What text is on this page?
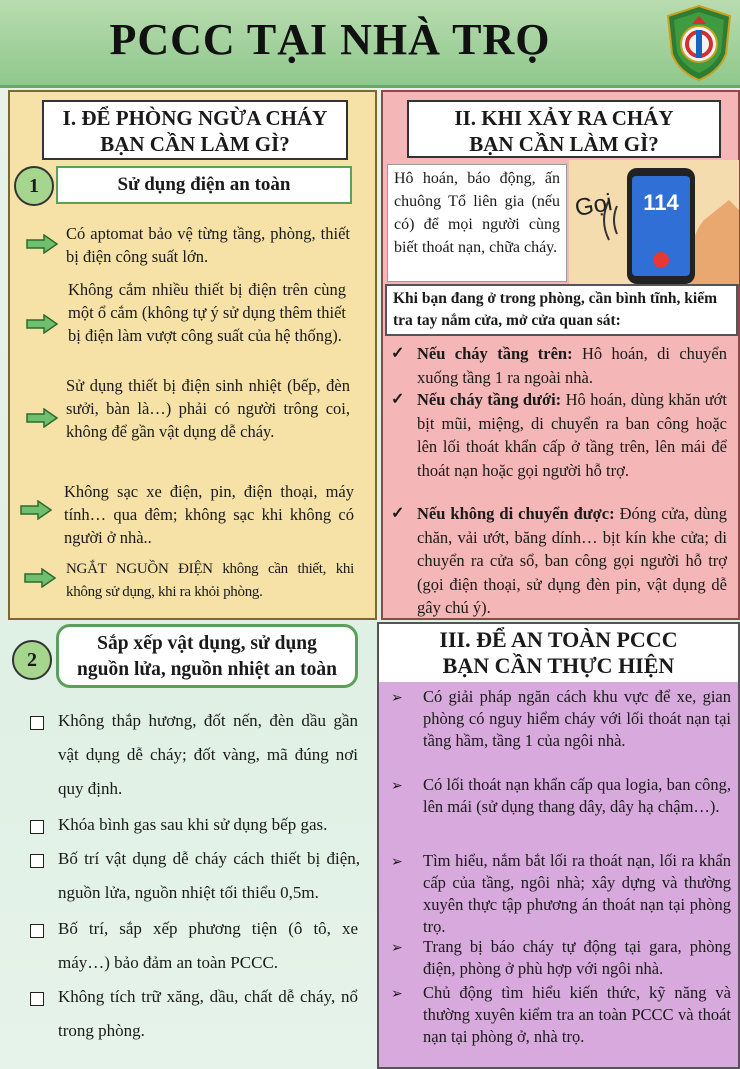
PCCC TẠI NHÀ TRỌ
I. ĐỂ PHÒNG NGỪA CHÁY
BẠN CẦN LÀM GÌ?
1	Sử dụng điện an toàn
Có aptomat bảo vệ từng tầng, phòng, thiết bị điện công suất lớn.
Không cắm nhiều thiết bị điện trên cùng một ổ cắm (không tự ý sử dụng thêm thiết bị điện làm vượt công suất của hệ thống).
Sử dụng thiết bị điện sinh nhiệt (bếp, đèn sưởi, bàn là…) phải có người trông coi, không để gần vật dụng dễ cháy.
Không sạc xe điện, pin, điện thoại, máy tính… qua đêm; không sạc khi không có người ở nhà..
NGẮT NGUỒN ĐIỆN không cần thiết, khi không sử dụng, khi ra khỏi phòng.
II. KHI XẢY RA CHÁY
BẠN CẦN LÀM GÌ?
Hô hoán, báo động, ấn chuông Tổ liên gia (nếu có) để mọi người cùng biết thoát nạn, chữa cháy.
Gọi 114
Khi bạn đang ở trong phòng, cần bình tĩnh, kiểm tra tay nắm cửa, mở cửa quan sát:
✓ Nếu cháy tầng trên: Hô hoán, di chuyển xuống tầng 1 ra ngoài nhà.
✓ Nếu cháy tầng dưới: Hô hoán, dùng khăn ướt bịt mũi, miệng, di chuyển ra ban công hoặc lên lối thoát khẩn cấp ở tầng trên, lên mái để thoát nạn hoặc gọi người hỗ trợ.
✓ Nếu không di chuyển được: Đóng cửa, dùng chăn, vải ướt, băng dính… bịt kín khe cửa; di chuyển ra cửa sổ, ban công gọi người hỗ trợ (gọi điện thoại, sử dụng đèn pin, vật dụng dễ gây chú ý).
2
Sắp xếp vật dụng, sử dụng
nguồn lửa, nguồn nhiệt an toàn
Không thắp hương, đốt nến, đèn dầu gần vật dụng dễ cháy; đốt vàng, mã đúng nơi quy định.
Khóa bình gas sau khi sử dụng bếp gas.
Bố trí vật dụng dễ cháy cách thiết bị điện, nguồn lửa, nguồn nhiệt tối thiểu 0,5m.
Bố trí, sắp xếp phương tiện (ô tô, xe máy…) bảo đảm an toàn PCCC.
Không tích trữ xăng, dầu, chất dễ cháy, nổ trong phòng.
III. ĐỂ AN TOÀN PCCC
BẠN CẦN THỰC HIỆN
➢ Có giải pháp ngăn cách khu vực để xe, gian phòng có nguy hiểm cháy với lối thoát nạn tại tầng hầm, tầng 1 của ngôi nhà.
➢ Có lối thoát nạn khẩn cấp qua logia, ban công, lên mái (sử dụng thang dây, dây hạ chậm…).
➢ Tìm hiểu, nắm bắt lối ra thoát nạn, lối ra khẩn cấp của tầng, ngôi nhà; xây dựng và thường xuyên thực tập phương án thoát nạn tại phòng trọ.
➢ Trang bị báo cháy tự động tại gara, phòng điện, phòng ở phù hợp với ngôi nhà.
➢ Chủ động tìm hiểu kiến thức, kỹ năng và thường xuyên kiểm tra an toàn PCCC và thoát nạn tại phòng ở, nhà trọ.
